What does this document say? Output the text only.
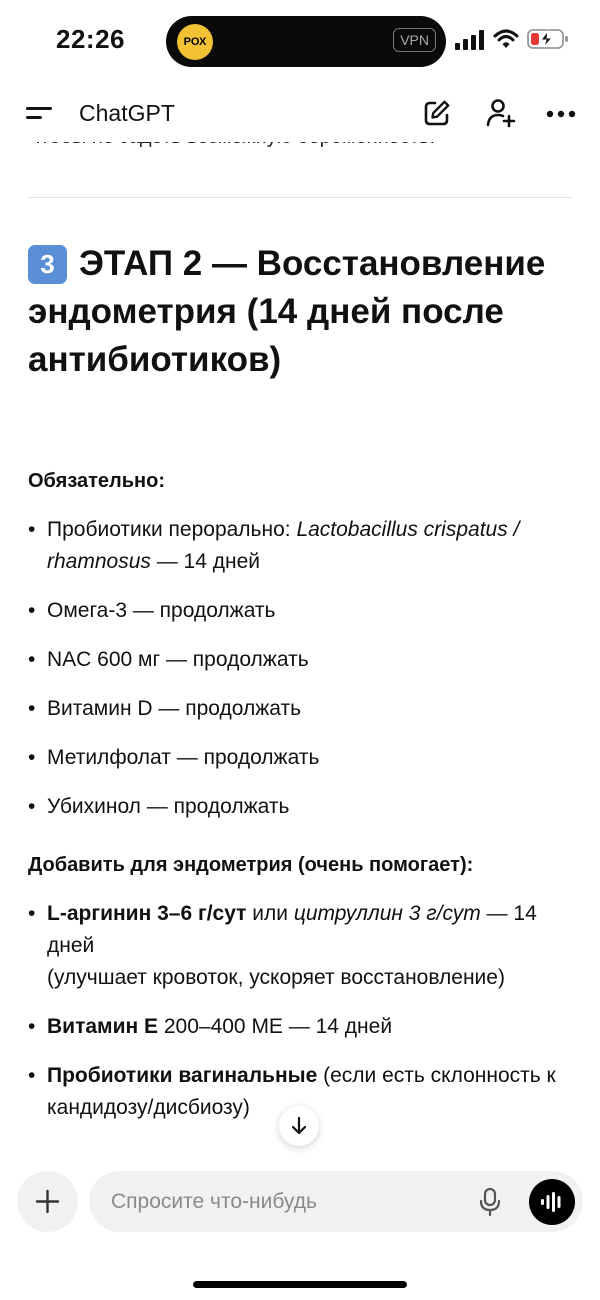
22:26	РОХ	VPN
ChatGPT
3 ЭТАП 2 — Восстановление эндометрия (14 дней после антибиотиков)

Обязательно:

• Пробиотики перорально: Lactobacillus crispatus / rhamnosus — 14 дней
• Омега-3 — продолжать
• NAC 600 мг — продолжать
• Витамин D — продолжать
• Метилфолат — продолжать
• Убихинол — продолжать

Добавить для эндометрия (очень помогает):

• L-аргинин 3–6 г/сут или цитруллин 3 г/сут — 14 дней
(улучшает кровоток, ускоряет восстановление)
• Витамин Е 200–400 МЕ — 14 дней
• Пробиотики вагинальные (если есть склонность к кандидозу/дисбиозу)
Спросите что-нибудь
